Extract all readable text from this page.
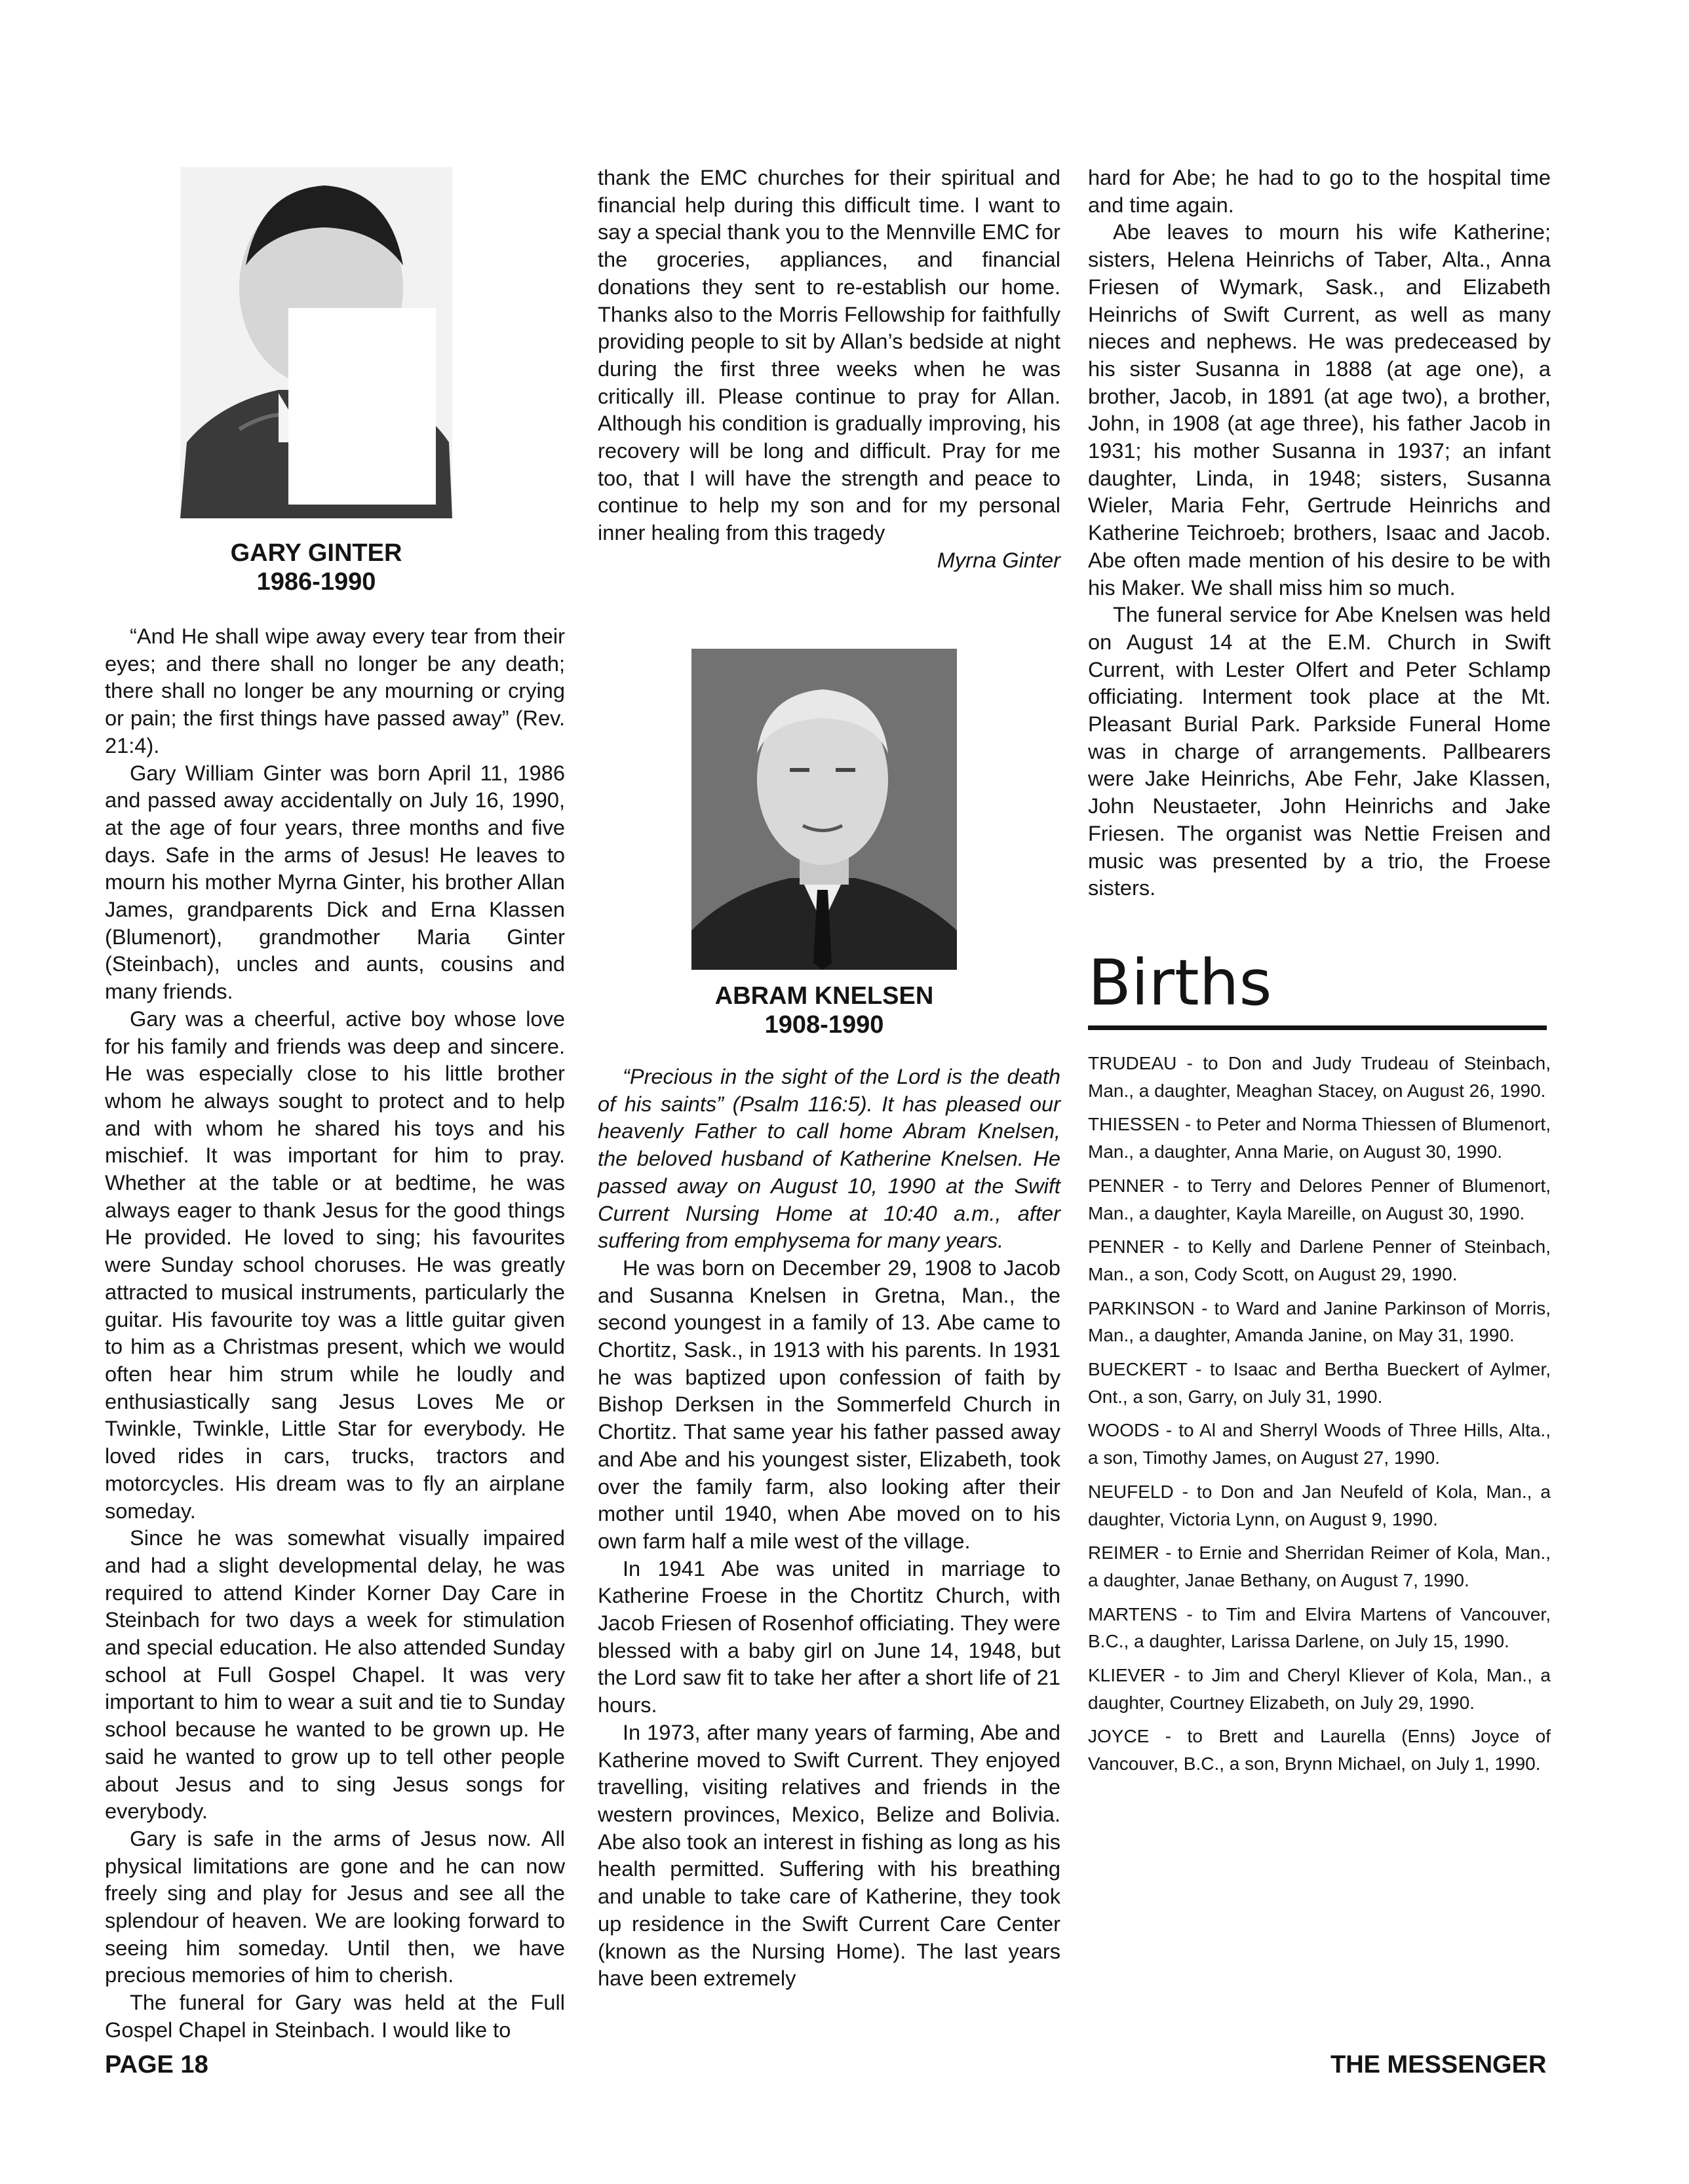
GARY GINTER
1986-1990

“And He shall wipe away every tear from their eyes; and there shall no longer be any death; there shall no longer be any mourning or crying or pain; the first things have passed away” (Rev. 21:4).

Gary William Ginter was born April 11, 1986 and passed away accidentally on July 16, 1990, at the age of four years, three months and five days. Safe in the arms of Jesus! He leaves to mourn his mother Myrna Ginter, his brother Allan James, grandparents Dick and Erna Klassen (Blumenort), grandmother Maria Ginter (Steinbach), uncles and aunts, cousins and many friends.

Gary was a cheerful, active boy whose love for his family and friends was deep and sincere. He was especially close to his little brother whom he always sought to protect and to help and with whom he shared his toys and his mischief. It was important for him to pray. Whether at the table or at bedtime, he was always eager to thank Jesus for the good things He provided. He loved to sing; his favourites were Sunday school choruses. He was greatly attracted to musical instruments, particularly the guitar. His favourite toy was a little guitar given to him as a Christmas present, which we would often hear him strum while he loudly and enthusiastically sang Jesus Loves Me or Twinkle, Twinkle, Little Star for everybody. He loved rides in cars, trucks, tractors and motorcycles. His dream was to fly an airplane someday.

Since he was somewhat visually impaired and had a slight developmental delay, he was required to attend Kinder Korner Day Care in Steinbach for two days a week for stimulation and special education. He also attended Sunday school at Full Gospel Chapel. It was very important to him to wear a suit and tie to Sunday school because he wanted to be grown up. He said he wanted to grow up to tell other people about Jesus and to sing Jesus songs for everybody.

Gary is safe in the arms of Jesus now. All physical limitations are gone and he can now freely sing and play for Jesus and see all the splendour of heaven. We are looking forward to seeing him someday. Until then, we have precious memories of him to cherish.

The funeral for Gary was held at the Full Gospel Chapel in Steinbach. I would like to

thank the EMC churches for their spiritual and financial help during this difficult time. I want to say a special thank you to the Mennville EMC for the groceries, appliances, and financial donations they sent to re-establish our home. Thanks also to the Morris Fellowship for faithfully providing people to sit by Allan’s bedside at night during the first three weeks when he was critically ill. Please continue to pray for Allan. Although his condition is gradually improving, his recovery will be long and difficult. Pray for me too, that I will have the strength and peace to continue to help my son and for my personal inner healing from this tragedy

Myrna Ginter

ABRAM KNELSEN
1908-1990

“Precious in the sight of the Lord is the death of his saints” (Psalm 116:5). It has pleased our heavenly Father to call home Abram Knelsen, the beloved husband of Katherine Knelsen. He passed away on August 10, 1990 at the Swift Current Nursing Home at 10:40 a.m., after suffering from emphysema for many years.

He was born on December 29, 1908 to Jacob and Susanna Knelsen in Gretna, Man., the second youngest in a family of 13. Abe came to Chortitz, Sask., in 1913 with his parents. In 1931 he was baptized upon confession of faith by Bishop Derksen in the Sommerfeld Church in Chortitz. That same year his father passed away and Abe and his youngest sister, Elizabeth, took over the family farm, also looking after their mother until 1940, when Abe moved on to his own farm half a mile west of the village.

In 1941 Abe was united in marriage to Katherine Froese in the Chortitz Church, with Jacob Friesen of Rosenhof officiating. They were blessed with a baby girl on June 14, 1948, but the Lord saw fit to take her after a short life of 21 hours.

In 1973, after many years of farming, Abe and Katherine moved to Swift Current. They enjoyed travelling, visiting relatives and friends in the western provinces, Mexico, Belize and Bolivia. Abe also took an interest in fishing as long as his health permitted. Suffering with his breathing and unable to take care of Katherine, they took up residence in the Swift Current Care Center (known as the Nursing Home). The last years have been extremely

hard for Abe; he had to go to the hospital time and time again.

Abe leaves to mourn his wife Katherine; sisters, Helena Heinrichs of Taber, Alta., Anna Friesen of Wymark, Sask., and Elizabeth Heinrichs of Swift Current, as well as many nieces and nephews. He was predeceased by his sister Susanna in 1888 (at age one), a brother, Jacob, in 1891 (at age two), a brother, John, in 1908 (at age three), his father Jacob in 1931; his mother Susanna in 1937; an infant daughter, Linda, in 1948; sisters, Susanna Wieler, Maria Fehr, Gertrude Heinrichs and Katherine Teichroeb; brothers, Isaac and Jacob. Abe often made mention of his desire to be with his Maker. We shall miss him so much.

The funeral service for Abe Knelsen was held on August 14 at the E.M. Church in Swift Current, with Lester Olfert and Peter Schlamp officiating. Interment took place at the Mt. Pleasant Burial Park. Parkside Funeral Home was in charge of arrangements. Pallbearers were Jake Heinrichs, Abe Fehr, Jake Klassen, John Neustaeter, John Heinrichs and Jake Friesen. The organist was Nettie Freisen and music was presented by a trio, the Froese sisters.

Births

TRUDEAU - to Don and Judy Trudeau of Steinbach, Man., a daughter, Meaghan Stacey, on August 26, 1990.

THIESSEN - to Peter and Norma Thiessen of Blumenort, Man., a daughter, Anna Marie, on August 30, 1990.

PENNER - to Terry and Delores Penner of Blumenort, Man., a daughter, Kayla Mareille, on August 30, 1990.

PENNER - to Kelly and Darlene Penner of Steinbach, Man., a son, Cody Scott, on August 29, 1990.

PARKINSON - to Ward and Janine Parkinson of Morris, Man., a daughter, Amanda Janine, on May 31, 1990.

BUECKERT - to Isaac and Bertha Bueckert of Aylmer, Ont., a son, Garry, on July 31, 1990.

WOODS - to Al and Sherryl Woods of Three Hills, Alta., a son, Timothy James, on August 27, 1990.

NEUFELD - to Don and Jan Neufeld of Kola, Man., a daughter, Victoria Lynn, on August 9, 1990.

REIMER - to Ernie and Sherridan Reimer of Kola, Man., a daughter, Janae Bethany, on August 7, 1990.

MARTENS - to Tim and Elvira Martens of Vancouver, B.C., a daughter, Larissa Darlene, on July 15, 1990.

KLIEVER - to Jim and Cheryl Kliever of Kola, Man., a daughter, Courtney Elizabeth, on July 29, 1990.

JOYCE - to Brett and Laurella (Enns) Joyce of Vancouver, B.C., a son, Brynn Michael, on July 1, 1990.

PAGE 18	THE MESSENGER
